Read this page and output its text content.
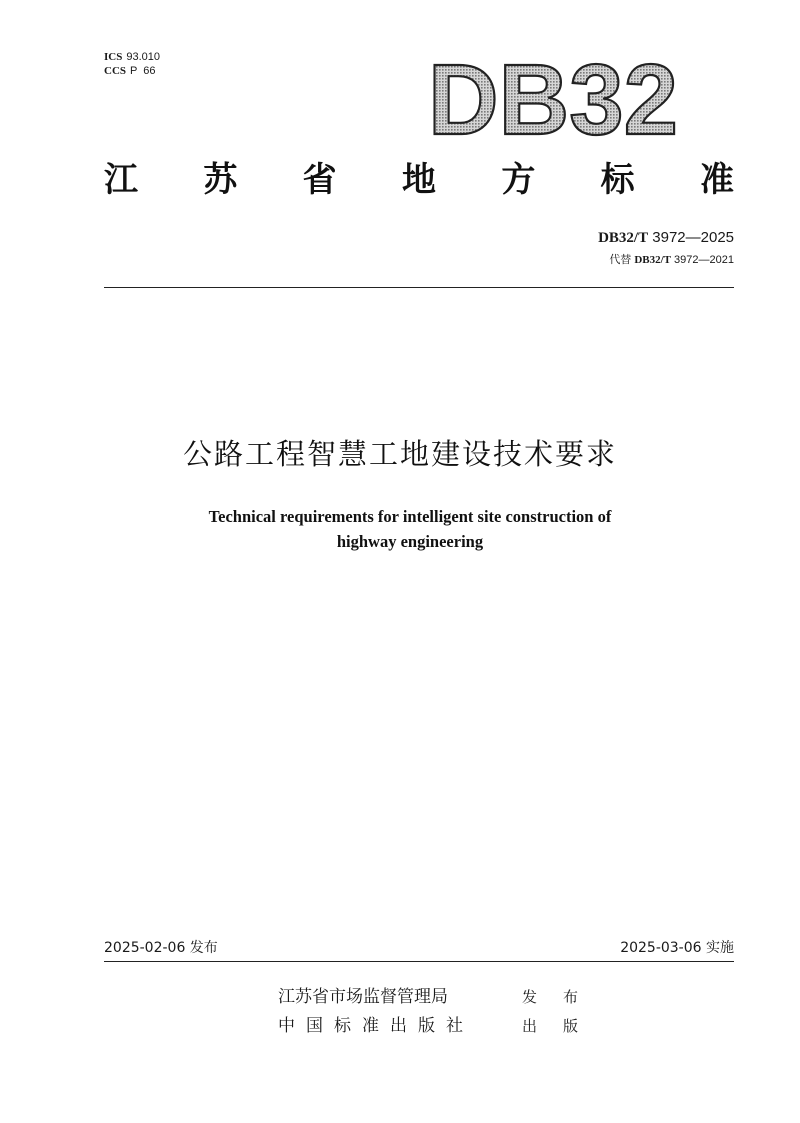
ICS 93.010
CCS P  66	DB32
江 苏 省 地 方 标 准
DB32/T 3972—2025
代替 DB32/T 3972—2021
公路工程智慧工地建设技术要求
Technical requirements for intelligent site construction of
highway engineering
2025-02-06 发布	2025-03-06 实施
江苏省市场监督管理局	发 布
中国标准出版社	出 版
